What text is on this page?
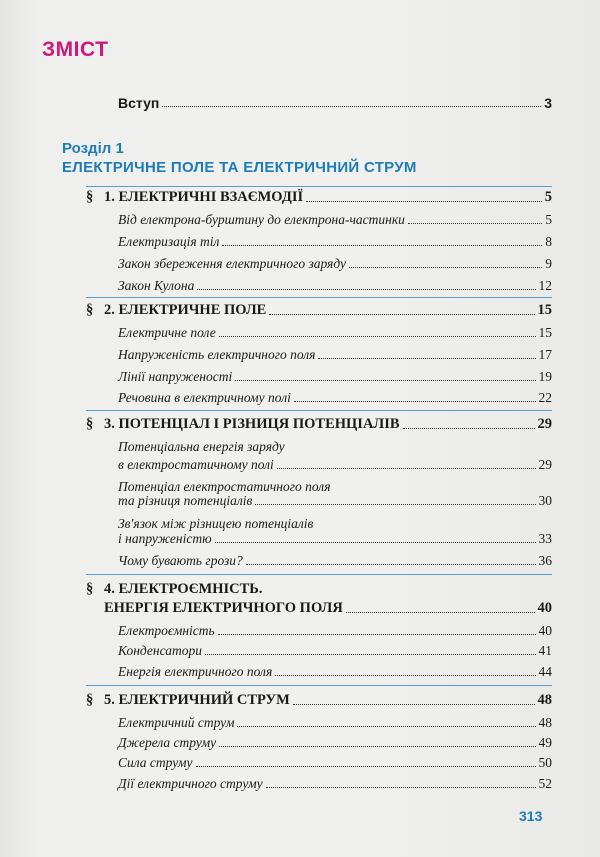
ЗМІСТ
Вступ	3
Розділ 1
ЕЛЕКТРИЧНЕ ПОЛЕ ТА ЕЛЕКТРИЧНИЙ СТРУМ
§ 1. ЕЛЕКТРИЧНІ ВЗАЄМОДІЇ	5
Від електрона-бурштину до електрона-частинки	5
Електризація тіл	8
Закон збереження електричного заряду	9
Закон Кулона	12
§ 2. ЕЛЕКТРИЧНЕ ПОЛЕ	15
Електричне поле	15
Напруженість електричного поля	17
Лінії напруженості	19
Речовина в електричному полі	22
§ 3. ПОТЕНЦІАЛ І РІЗНИЦЯ ПОТЕНЦІАЛІВ	29
Потенціальна енергія заряду
в електростатичному полі	29
Потенціал електростатичного поля
та різниця потенціалів	30
Зв'язок між різницею потенціалів
і напруженістю	33
Чому бувають грози?	36
§ 4. ЕЛЕКТРОЄМНІСТЬ.
ЕНЕРГІЯ ЕЛЕКТРИЧНОГО ПОЛЯ	40
Електроємність	40
Конденсатори	41
Енергія електричного поля	44
§ 5. ЕЛЕКТРИЧНИЙ СТРУМ	48
Електричний струм	48
Джерела струму	49
Сила струму	50
Дії електричного струму	52
313
